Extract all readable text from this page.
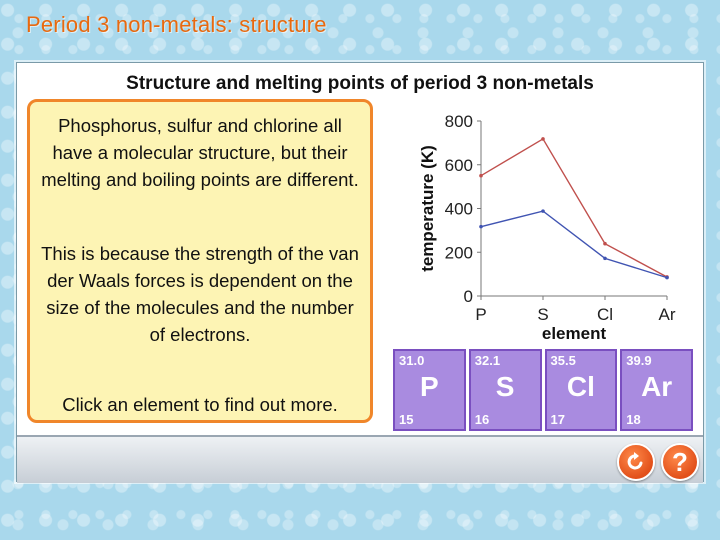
Period 3 non-metals: structure
Structure and melting points of period 3 non-metals

Phosphorus, sulfur and chlorine all have a molecular structure, but their melting and boiling points are different.

This is because the strength of the van der Waals forces is dependent on the size of the molecules and the number of electrons.

Click an element to find out more.

0
200
400
600
800
P	S	Cl	Ar
element
temperature (K)
31.0
P
15
32.1
S
16
35.5
Cl
17
39.9
Ar
18
?
